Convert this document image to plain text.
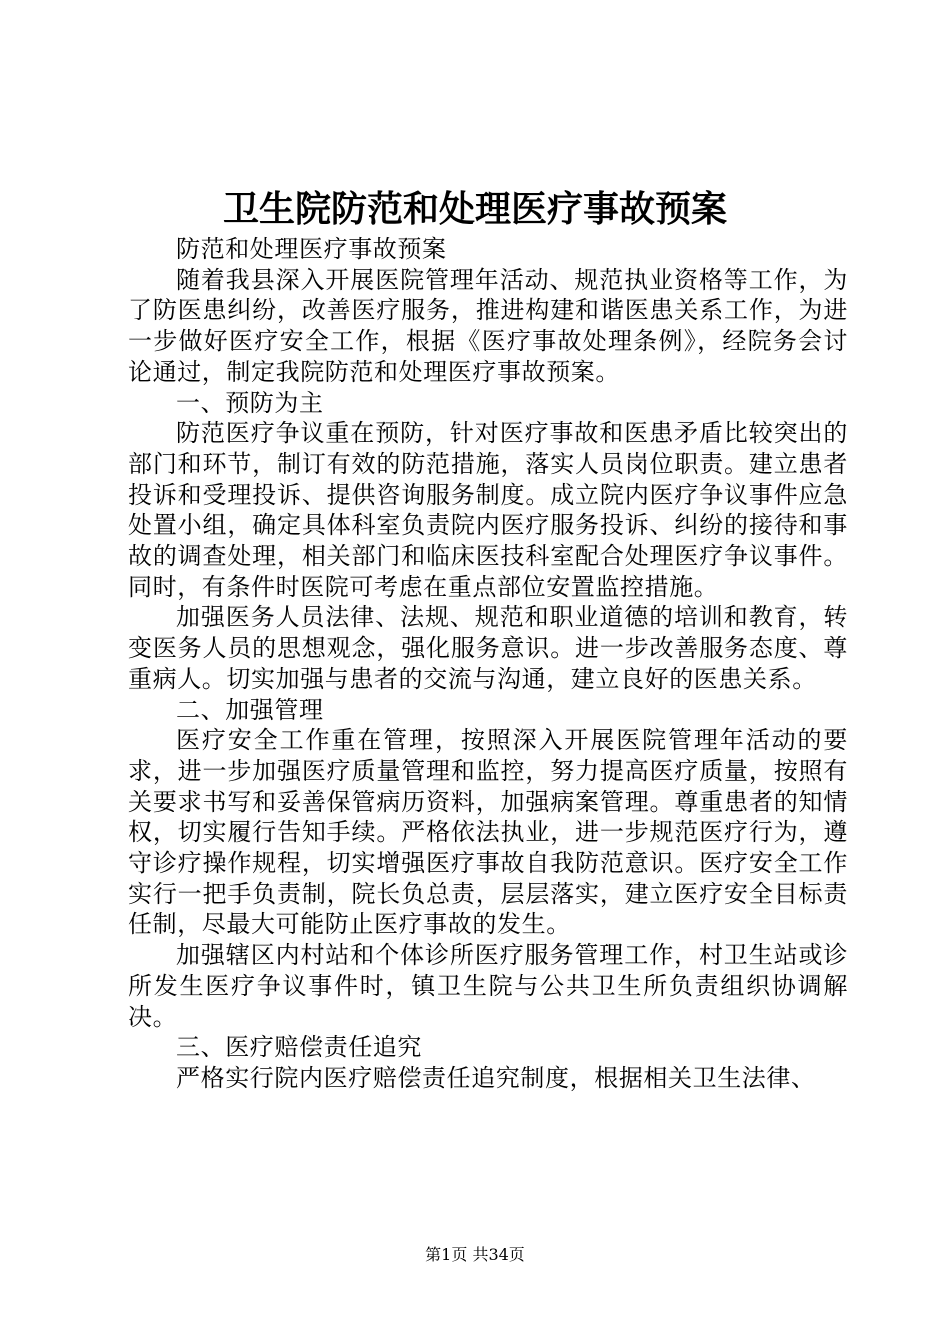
卫生院防范和处理医疗事故预案

防范和处理医疗事故预案

随着我县深入开展医院管理年活动、规范执业资格等工作，为了防医患纠纷，改善医疗服务，推进构建和谐医患关系工作，为进一步做好医疗安全工作，根据《医疗事故处理条例》，经院务会讨论通过，制定我院防范和处理医疗事故预案。

一、预防为主

防范医疗争议重在预防，针对医疗事故和医患矛盾比较突出的部门和环节，制订有效的防范措施，落实人员岗位职责。建立患者投诉和受理投诉、提供咨询服务制度。成立院内医疗争议事件应急处置小组，确定具体科室负责院内医疗服务投诉、纠纷的接待和事故的调查处理，相关部门和临床医技科室配合处理医疗争议事件。同时，有条件时医院可考虑在重点部位安置监控措施。

加强医务人员法律、法规、规范和职业道德的培训和教育，转变医务人员的思想观念，强化服务意识。进一步改善服务态度、尊重病人。切实加强与患者的交流与沟通，建立良好的医患关系。

二、加强管理

医疗安全工作重在管理，按照深入开展医院管理年活动的要求，进一步加强医疗质量管理和监控，努力提高医疗质量，按照有关要求书写和妥善保管病历资料，加强病案管理。尊重患者的知情权，切实履行告知手续。严格依法执业，进一步规范医疗行为，遵守诊疗操作规程，切实增强医疗事故自我防范意识。医疗安全工作实行一把手负责制，院长负总责，层层落实，建立医疗安全目标责任制，尽最大可能防止医疗事故的发生。

加强辖区内村站和个体诊所医疗服务管理工作，村卫生站或诊所发生医疗争议事件时，镇卫生院与公共卫生所负责组织协调解决。

三、医疗赔偿责任追究

严格实行院内医疗赔偿责任追究制度，根据相关卫生法律、

第1页 共34页
